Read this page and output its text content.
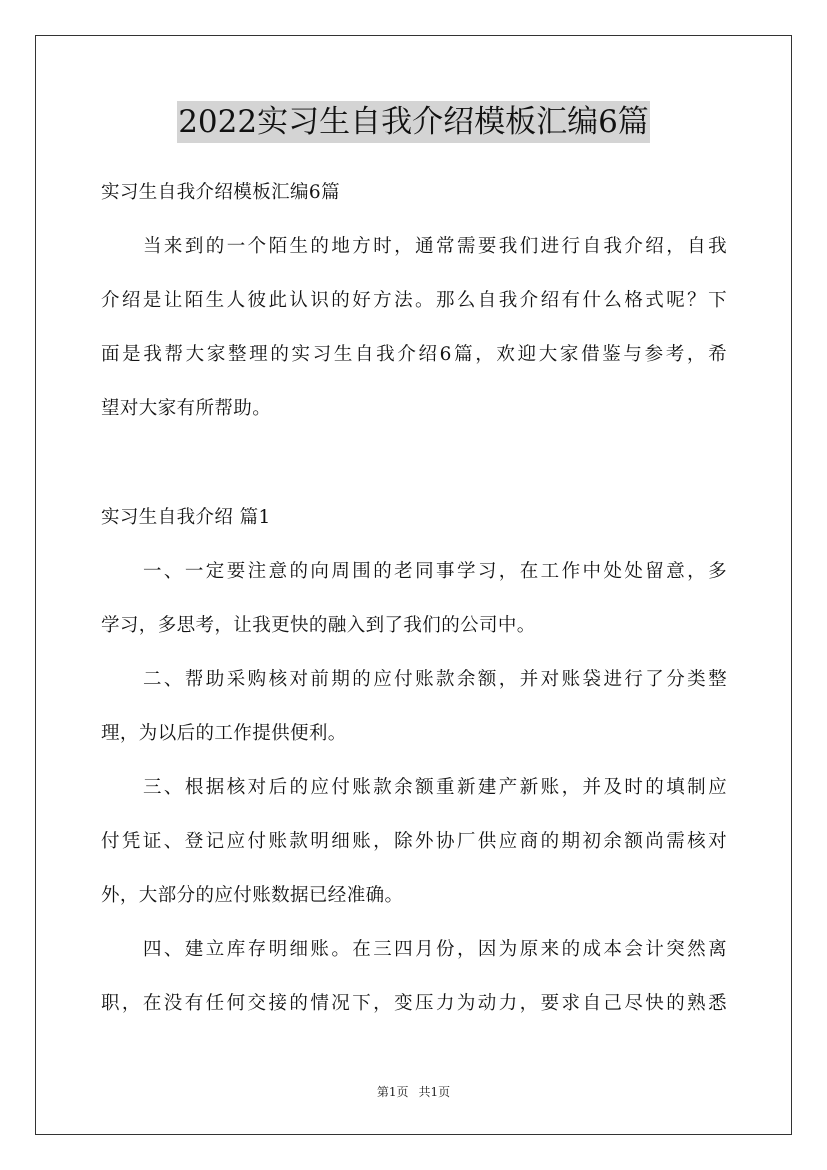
2022实习生自我介绍模板汇编6篇
实习生自我介绍模板汇编6篇
当来到的一个陌生的地方时，通常需要我们进行自我介绍，自我
介绍是让陌生人彼此认识的好方法。那么自我介绍有什么格式呢？下
面是我帮大家整理的实习生自我介绍6篇，欢迎大家借鉴与参考，希
望对大家有所帮助。
实习生自我介绍 篇1
一、一定要注意的向周围的老同事学习，在工作中处处留意，多
学习，多思考，让我更快的融入到了我们的公司中。
二、帮助采购核对前期的应付账款余额，并对账袋进行了分类整
理，为以后的工作提供便利。
三、根据核对后的应付账款余额重新建产新账，并及时的填制应
付凭证、登记应付账款明细账，除外协厂供应商的期初余额尚需核对
外，大部分的应付账数据已经准确。
四、建立库存明细账。在三四月份，因为原来的成本会计突然离
职，在没有任何交接的情况下，变压力为动力，要求自己尽快的熟悉
第1页 共1页
